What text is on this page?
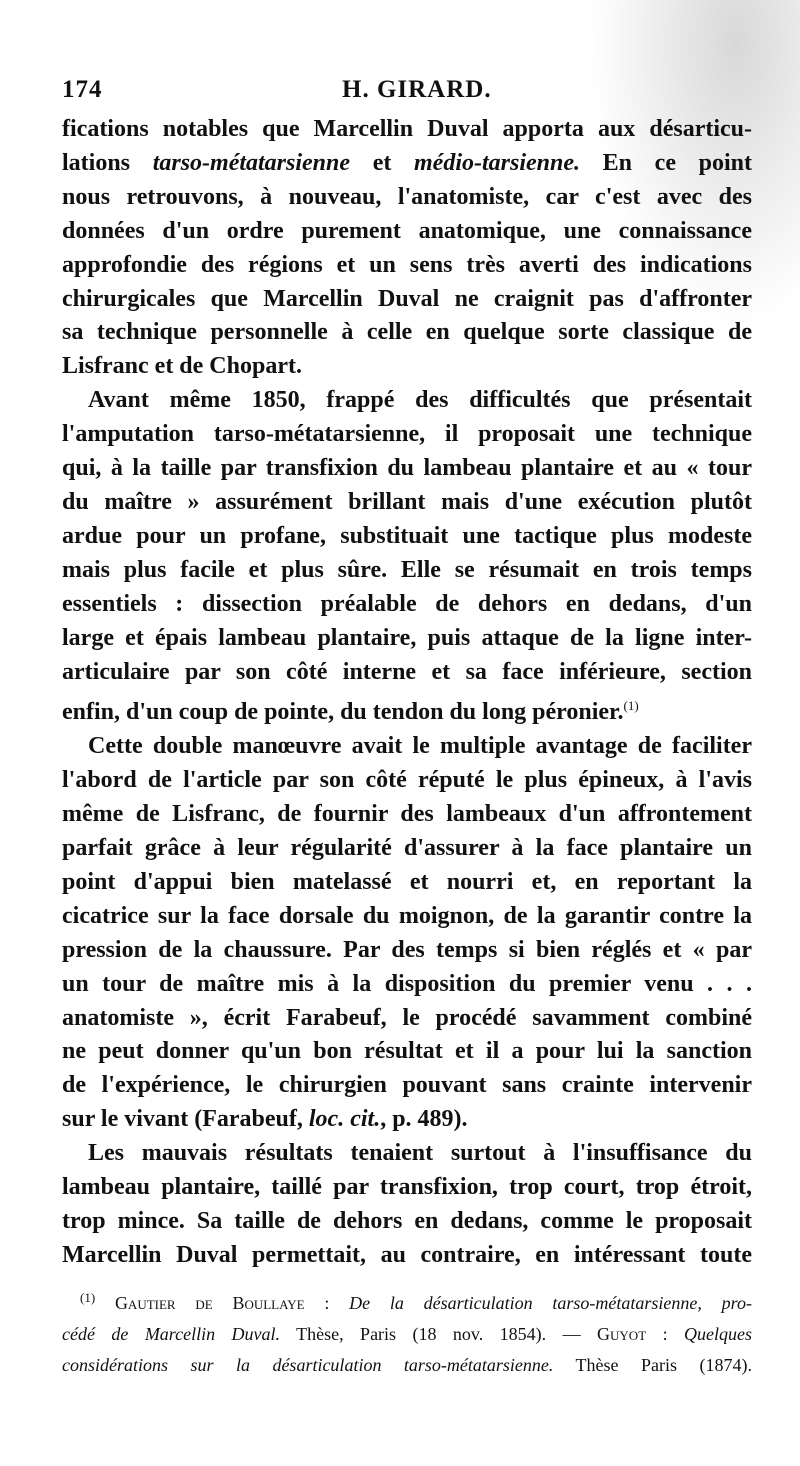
174	H. GIRARD.
fications notables que Marcellin Duval apporta aux désarticu-
lations tarso-métatarsienne et médio-tarsienne. En ce point
nous retrouvons, à nouveau, l'anatomiste, car c'est avec des
données d'un ordre purement anatomique, une connaissance
approfondie des régions et un sens très averti des indications
chirurgicales que Marcellin Duval ne craignit pas d'affronter
sa technique personnelle à celle en quelque sorte classique de
Lisfranc et de Chopart.
Avant même 1850, frappé des difficultés que présentait
l'amputation tarso-métatarsienne, il proposait une technique
qui, à la taille par transfixion du lambeau plantaire et au « tour
du maître » assurément brillant mais d'une exécution plutôt
ardue pour un profane, substituait une tactique plus modeste
mais plus facile et plus sûre. Elle se résumait en trois temps
essentiels : dissection préalable de dehors en dedans, d'un
large et épais lambeau plantaire, puis attaque de la ligne inter-
articulaire par son côté interne et sa face inférieure, section
enfin, d'un coup de pointe, du tendon du long péronier.$^{(1)}$
Cette double manœuvre avait le multiple avantage de faciliter
l'abord de l'article par son côté réputé le plus épineux, à l'avis
même de Lisfranc, de fournir des lambeaux d'un affrontement
parfait grâce à leur régularité d'assurer à la face plantaire un
point d'appui bien matelassé et nourri et, en reportant la
cicatrice sur la face dorsale du moignon, de la garantir contre la
pression de la chaussure. Par des temps si bien réglés et « par
un tour de maître mis à la disposition du premier venu . . .
anatomiste », écrit Farabeuf, le procédé savamment combiné
ne peut donner qu'un bon résultat et il a pour lui la sanction
de l'expérience, le chirurgien pouvant sans crainte intervenir
sur le vivant (Farabeuf, loc. cit., p. 489).
Les mauvais résultats tenaient surtout à l'insuffisance du
lambeau plantaire, taillé par transfixion, trop court, trop étroit,
trop mince. Sa taille de dehors en dedans, comme le proposait
Marcellin Duval permettait, au contraire, en intéressant toute
$^{(1)}$ Gautier de Boullaye : De la désarticulation tarso-métatarsienne, pro-
cédé de Marcellin Duval. Thèse, Paris (18 nov. 1854). — Guyot : Quelques
considérations sur la désarticulation tarso-métatarsienne. Thèse Paris (1874).
